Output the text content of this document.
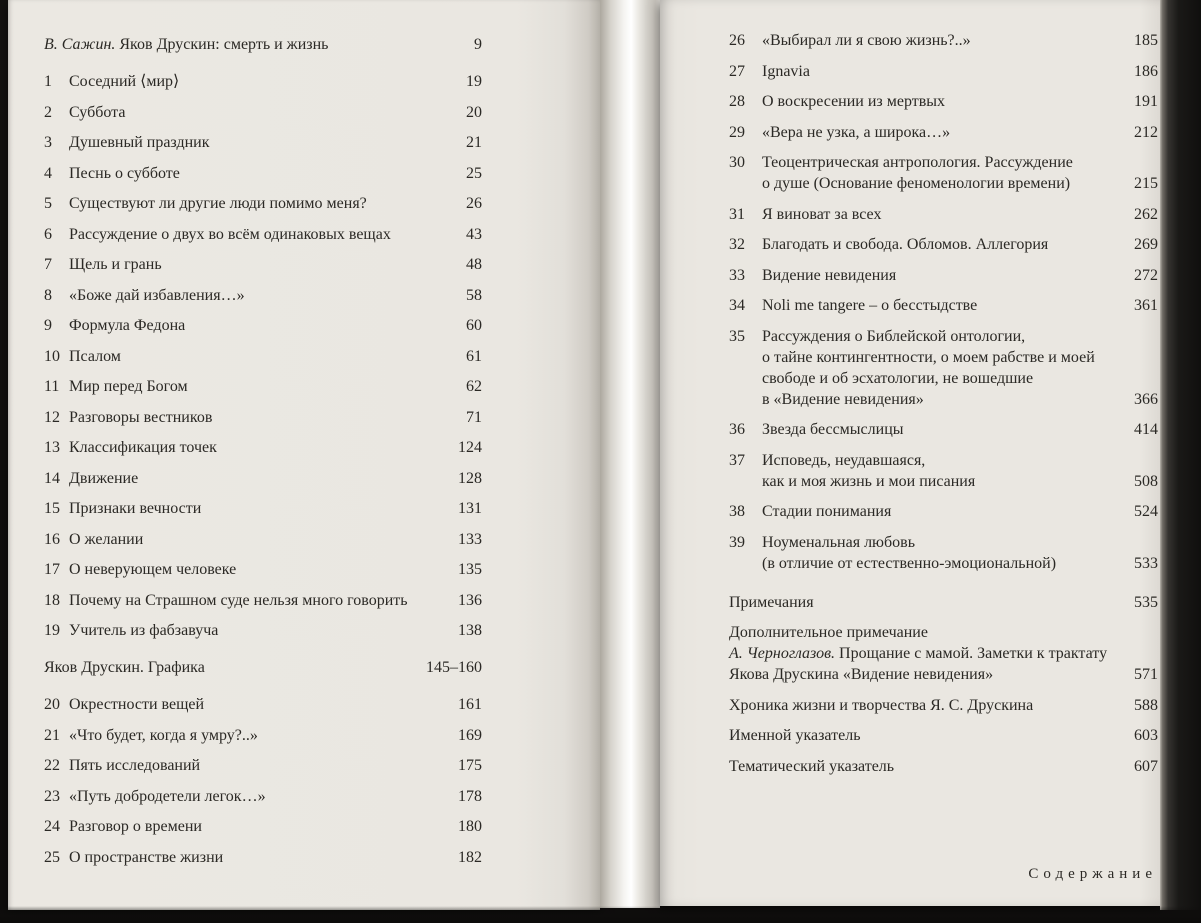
В. Сажин. Яков Друскин: смерть и жизнь	9
1	Соседний ⟨мир⟩	19
2	Суббота	20
3	Душевный праздник	21
4	Песнь о субботе	25
5	Существуют ли другие люди помимо меня?	26
6	Рассуждение о двух во всём одинаковых вещах	43
7	Щель и грань	48
8	«Боже дай избавления…»	58
9	Формула Федона	60
10 Псалом	61
11 Мир перед Богом	62
12 Разговоры вестников	71
13 Классификация точек	124
14 Движение	128
15 Признаки вечности	131
16 О желании	133
17 О неверующем человеке	135
18 Почему на Страшном суде нельзя много говорить	136
19 Учитель из фабзавуча	138
Яков Друскин. Графика	145–160
20 Окрестности вещей	161
21 «Что будет, когда я умру?..»	169
22 Пять исследований	175
23 «Путь добродетели легок…»	178
24 Разговор о времени	180
25 О пространстве жизни	182
26	«Выбирал ли я свою жизнь?..»	185
27	Ignavia	186
28	О воскресении из мертвых	191
29	«Вера не узка, а широка…»	212
30	Теоцентрическая антропология. Рассуждение
о душе (Основание феноменологии времени)	215
31	Я виноват за всех	262
32	Благодать и свобода. Обломов. Аллегория	269
33	Видение невидения	272
34	Noli me tangere – о бесстыдстве	361
35	Рассуждения о Библейской онтологии,
о тайне контингентности, о моем рабстве и моей
свободе и об эсхатологии, не вошедшие
в «Видение невидения»	366
36	Звезда бессмыслицы	414
37	Исповедь, неудавшаяся,
как и моя жизнь и мои писания	508
38	Стадии понимания	524
39	Ноуменальная любовь
(в отличие от естественно-эмоциональной)	533
Примечания	535
Дополнительное примечание
А. Черноглазов. Прощание с мамой. Заметки к трактату
Якова Друскина «Видение невидения»	571
Хроника жизни и творчества Я. С. Друскина	588
Именной указатель	603
Тематический указатель	607
Содержание
